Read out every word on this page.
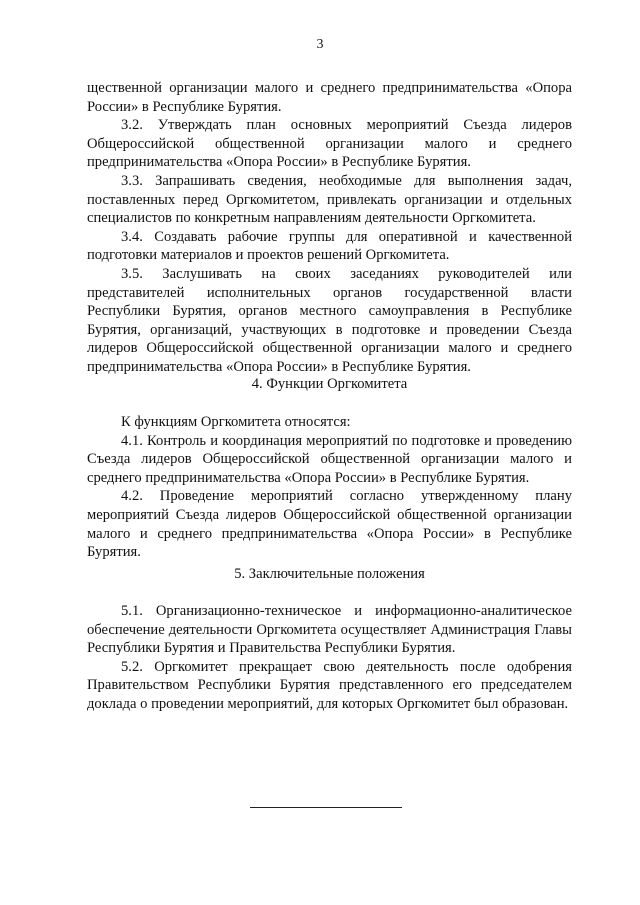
3

щественной организации малого и среднего предпринимательства «Опора России» в Республике Бурятия.

3.2. Утверждать план основных мероприятий Съезда лидеров Общероссийской общественной организации малого и среднего предпринимательства «Опора России» в Республике Бурятия.

3.3. Запрашивать сведения, необходимые для выполнения задач, поставленных перед Оргкомитетом, привлекать организации и отдельных специалистов по конкретным направлениям деятельности Оргкомитета.

3.4. Создавать рабочие группы для оперативной и качественной подготовки материалов и проектов решений Оргкомитета.

3.5. Заслушивать на своих заседаниях руководителей или представителей исполнительных органов государственной власти Республики Бурятия, органов местного самоуправления в Республике Бурятия, организаций, участвующих в подготовке и проведении Съезда лидеров Общероссийской общественной организации малого и среднего предпринимательства «Опора России» в Республике Бурятия.

4. Функции Оргкомитета

К функциям Оргкомитета относятся:

4.1. Контроль и координация мероприятий по подготовке и проведению Съезда лидеров Общероссийской общественной организации малого и среднего предпринимательства «Опора России» в Республике Бурятия.

4.2. Проведение мероприятий согласно утвержденному плану мероприятий Съезда лидеров Общероссийской общественной организации малого и среднего предпринимательства «Опора России» в Республике Бурятия.

5. Заключительные положения

5.1. Организационно-техническое и информационно-аналитическое обеспечение деятельности Оргкомитета осуществляет Администрация Главы Республики Бурятия и Правительства Республики Бурятия.

5.2. Оргкомитет прекращает свою деятельность после одобрения Правительством Республики Бурятия представленного его председателем доклада о проведении мероприятий, для которых Оргкомитет был образован.
